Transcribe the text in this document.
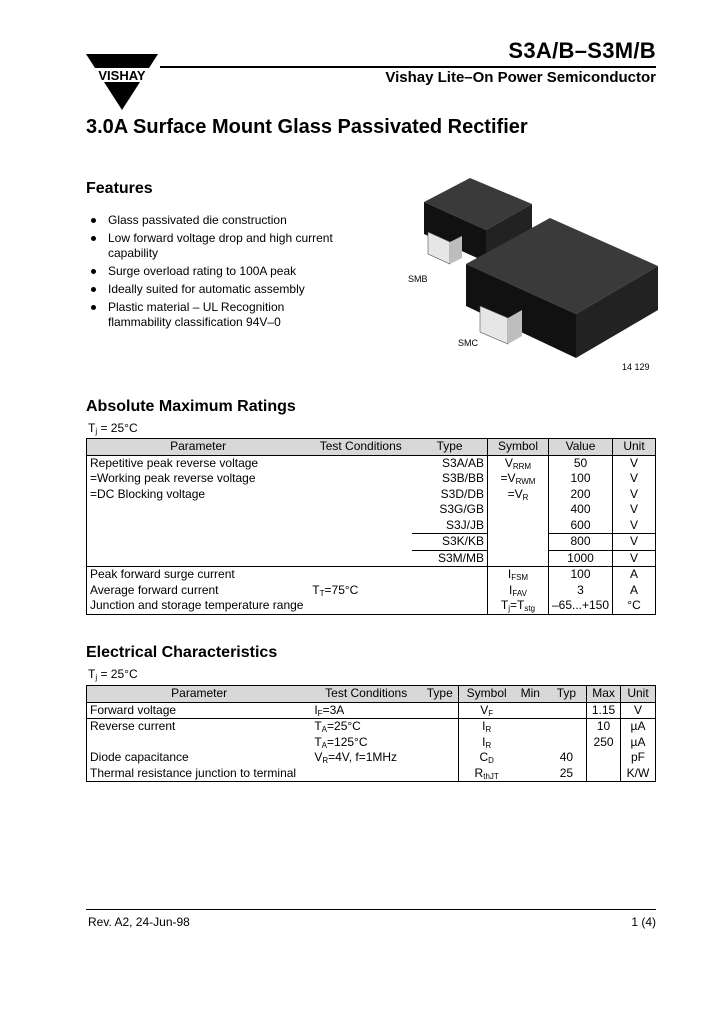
VISHAY
S3A/B–S3M/B
Vishay Lite–On Power Semiconductor
3.0A Surface Mount Glass Passivated Rectifier
Features
Glass passivated die construction
Low forward voltage drop and high current capability
Surge overload rating to 100A peak
Ideally suited for automatic assembly
Plastic material – UL Recognition flammability classification 94V–0
SMB
SMC
14 129
Absolute Maximum Ratings
$T_j = 25^\circ C$
Parameter	Test Conditions	Type	Symbol	Value	Unit
Repetitive peak reverse voltage		S3A/AB	$V_{RRM}$	50	V
=Working peak reverse voltage		S3B/BB	$=V_{RWM}$	100	V
=DC Blocking voltage		S3D/DB	$=V_R$	200	V
		S3G/GB		400	V
		S3J/JB		600	V
		S3K/KB		800	V
		S3M/MB		1000	V
Peak forward surge current			$I_{FSM}$	100	A
Average forward current	$T_T=75^\circ C$		$I_{FAV}$	3	A
Junction and storage temperature range			$T_j=T_{stg}$	–65...+150	°C
Electrical Characteristics
$T_j = 25^\circ C$
Parameter	Test Conditions	Type	Symbol	Min	Typ	Max	Unit
Forward voltage	$I_F=3A$		$V_F$			1.15	V
Reverse current	$T_A=25^\circ C$		$I_R$			10	µA
	$T_A=125^\circ C$		$I_R$			250	µA
Diode capacitance	$V_R=4V$, f=1MHz		$C_D$		40		pF
Thermal resistance junction to terminal			$R_{thJT}$		25		K/W
Rev. A2, 24-Jun-98	1 (4)
